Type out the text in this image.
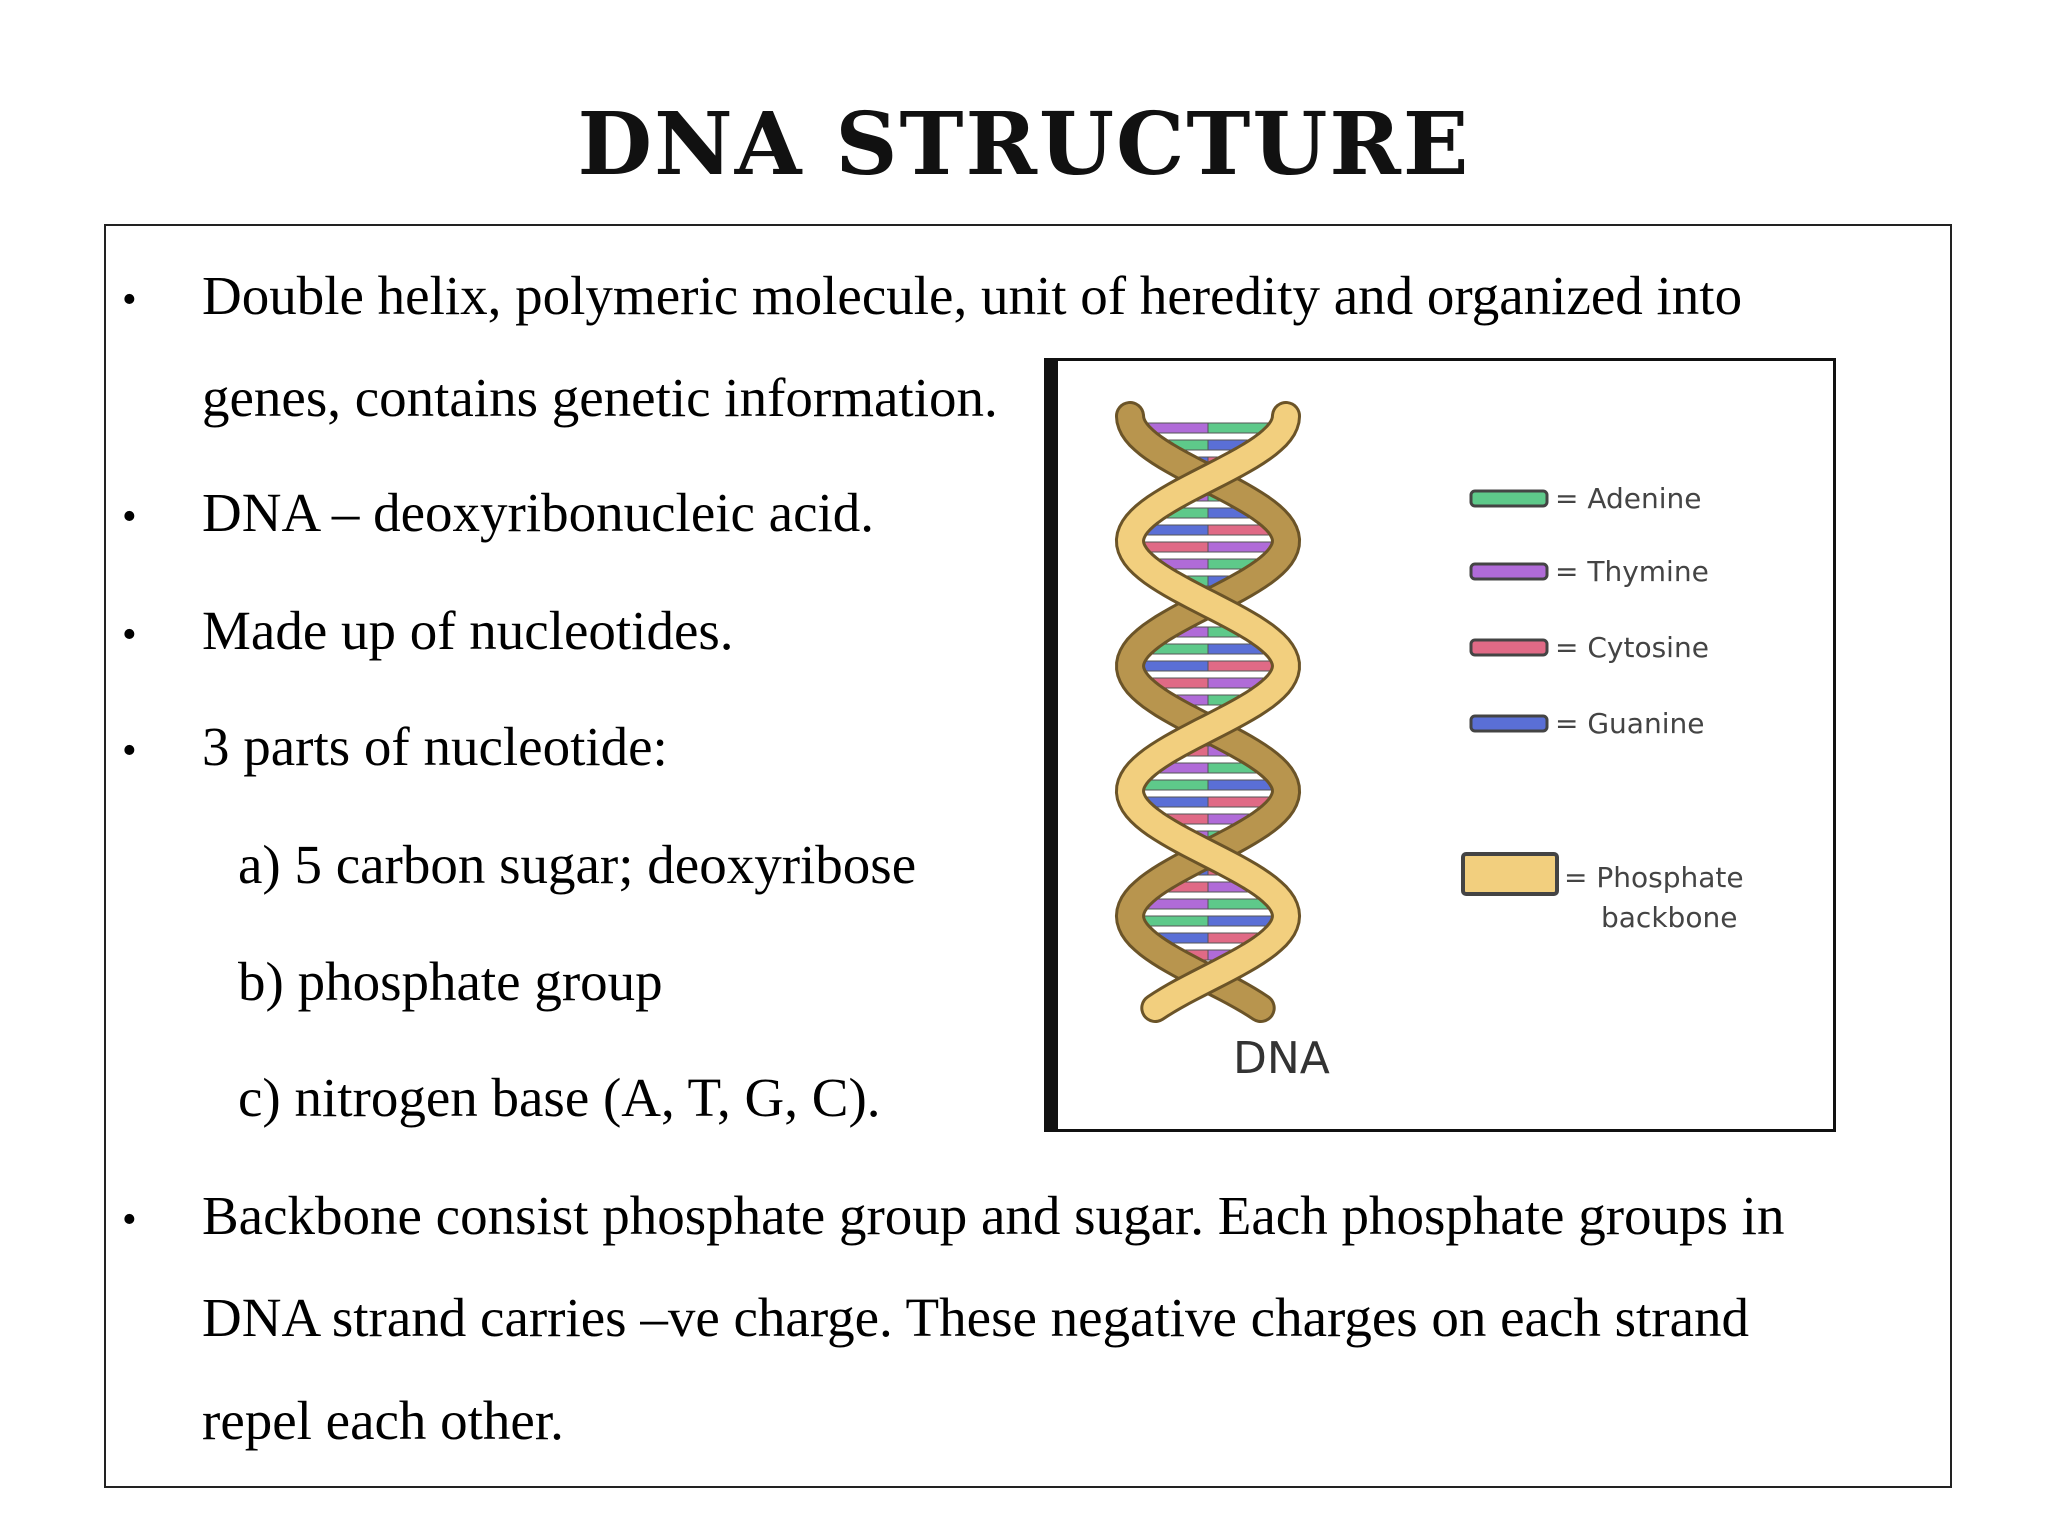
DNA STRUCTURE
• Double helix, polymeric molecule, unit of heredity and organized into
genes, contains genetic information.
• DNA – deoxyribonucleic acid.
• Made up of nucleotides.
• 3 parts of nucleotide:
a) 5 carbon sugar; deoxyribose
b) phosphate group
c) nitrogen base (A, T, G, C).
• Backbone consist phosphate group and sugar. Each phosphate groups in
DNA strand carries –ve charge. These negative charges on each strand
repel each other.
DNA
= Adenine
= Thymine
= Cytosine
= Guanine
= Phosphate
backbone
